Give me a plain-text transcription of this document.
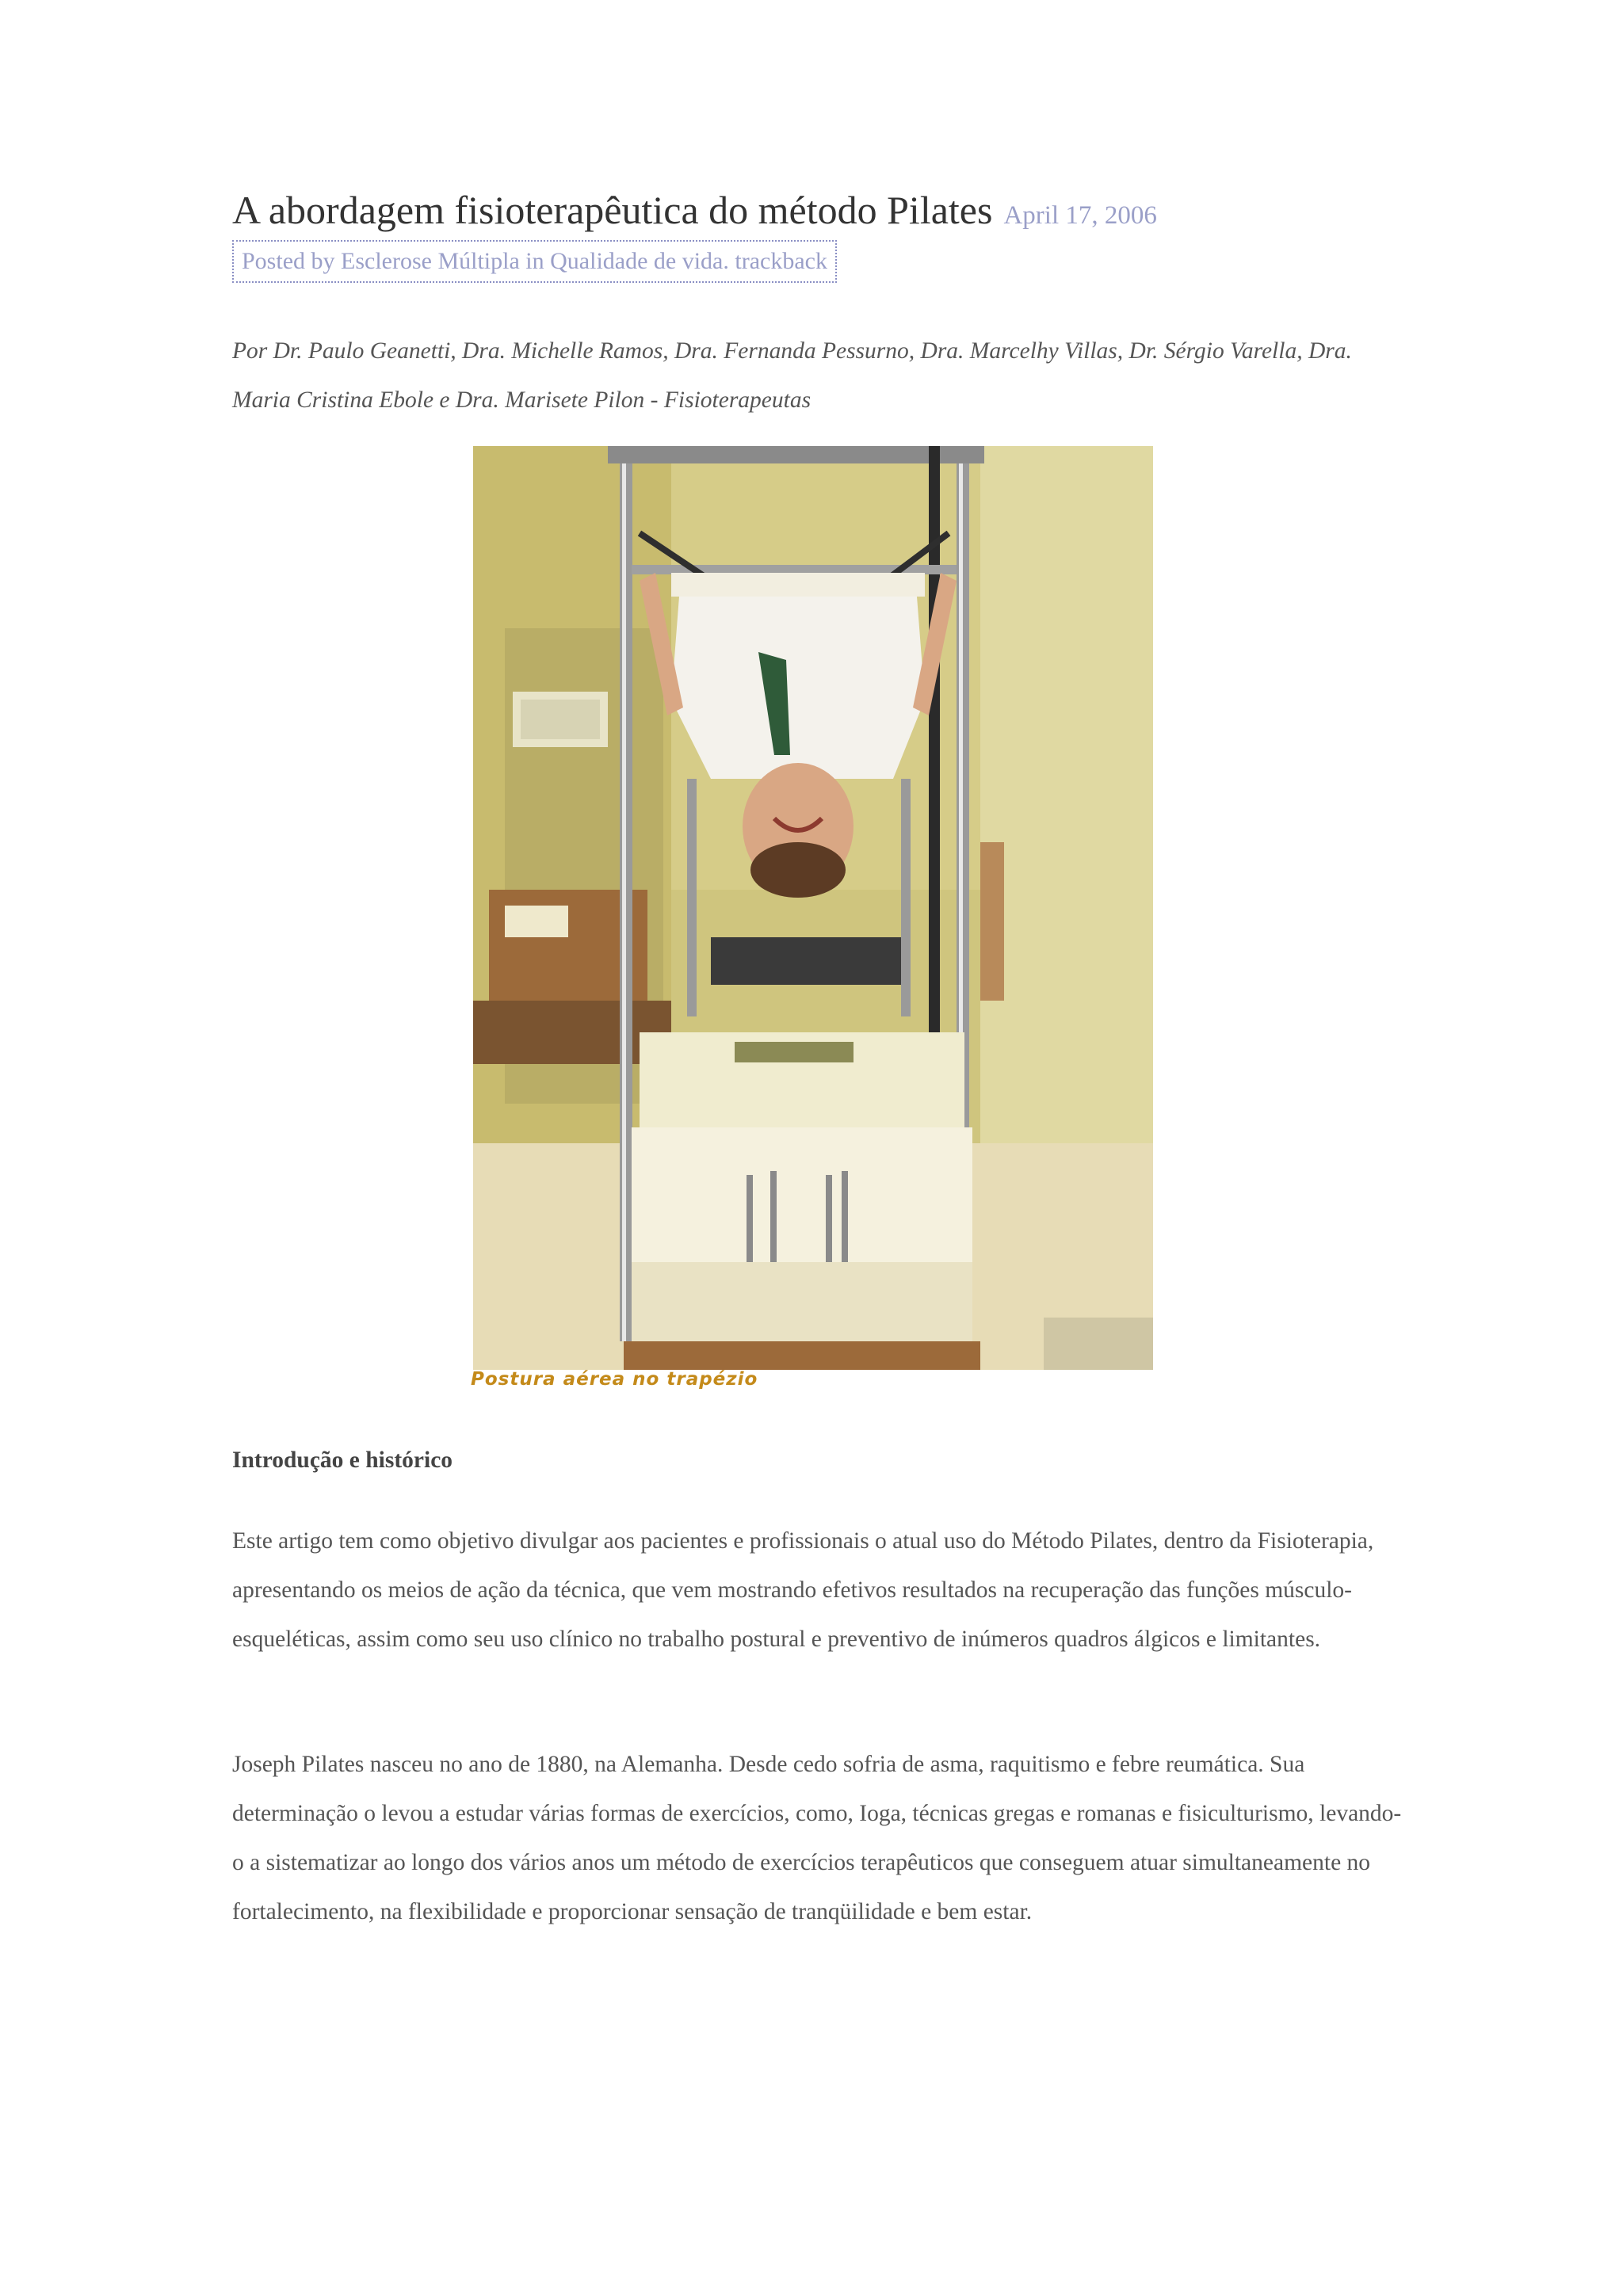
A abordagem fisioterapêutica do método Pilates April 17, 2006
Posted by Esclerose Múltipla in Qualidade de vida. trackback
Por Dr. Paulo Geanetti, Dra. Michelle Ramos, Dra. Fernanda Pessurno, Dra. Marcelhy Villas, Dr. Sérgio Varella, Dra. Maria Cristina Ebole e Dra. Marisete Pilon - Fisioterapeutas
Postura aérea no trapézio
Introdução e histórico
Este artigo tem como objetivo divulgar aos pacientes e profissionais o atual uso do Método Pilates, dentro da Fisioterapia, apresentando os meios de ação da técnica, que vem mostrando efetivos resultados na recuperação das funções músculo-esqueléticas, assim como seu uso clínico no trabalho postural e preventivo de inúmeros quadros álgicos e limitantes.
Joseph Pilates nasceu no ano de 1880, na Alemanha. Desde cedo sofria de asma, raquitismo e febre reumática. Sua determinação o levou a estudar várias formas de exercícios, como, Ioga, técnicas gregas e romanas e fisiculturismo, levando-o a sistematizar ao longo dos vários anos um método de exercícios terapêuticos que conseguem atuar simultaneamente no fortalecimento, na flexibilidade e proporcionar sensação de tranqüilidade e bem estar.
